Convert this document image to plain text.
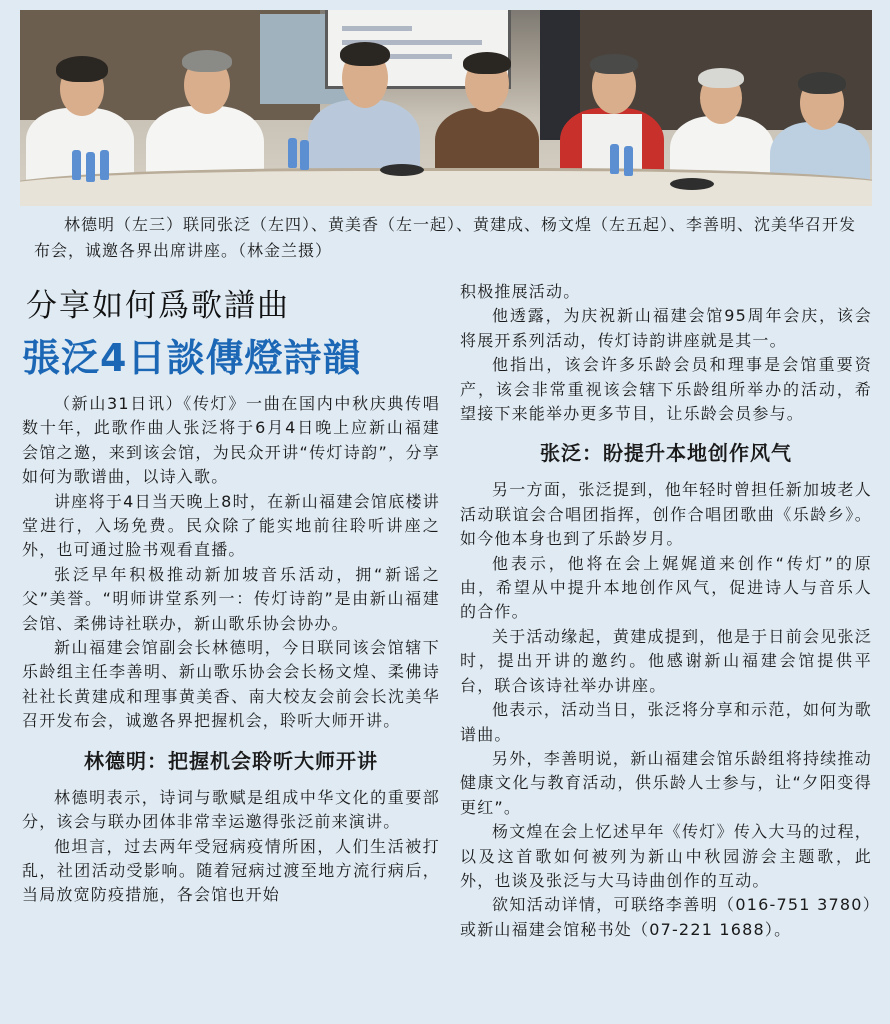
林德明（左三）联同张泛（左四）、黄美香（左一起）、黄建成、杨文煌（左五起）、李善明、沈美华召开发布会，诚邀各界出席讲座。（林金兰摄）

分享如何爲歌譜曲
張泛4日談傳燈詩韻

（新山31日讯）《传灯》一曲在国内中秋庆典传唱数十年，此歌作曲人张泛将于6月4日晚上应新山福建会馆之邀，来到该会馆，为民众开讲“传灯诗韵”，分享如何为歌谱曲，以诗入歌。

讲座将于4日当天晚上8时，在新山福建会馆底楼讲堂进行，入场免费。民众除了能实地前往聆听讲座之外，也可通过脸书观看直播。

张泛早年积极推动新加坡音乐活动，拥“新谣之父”美誉。“明师讲堂系列一：传灯诗韵”是由新山福建会馆、柔佛诗社联办，新山歌乐协会协办。

新山福建会馆副会长林德明，今日联同该会馆辖下乐龄组主任李善明、新山歌乐协会会长杨文煌、柔佛诗社社长黄建成和理事黄美香、南大校友会前会长沈美华召开发布会，诚邀各界把握机会，聆听大师开讲。

林德明：把握机会聆听大师开讲

林德明表示，诗词与歌赋是组成中华文化的重要部分，该会与联办团体非常幸运邀得张泛前来演讲。

他坦言，过去两年受冠病疫情所困，人们生活被打乱，社团活动受影响。随着冠病过渡至地方流行病后，当局放宽防疫措施，各会馆也开始

积极推展活动。

他透露，为庆祝新山福建会馆95周年会庆，该会将展开系列活动，传灯诗韵讲座就是其一。

他指出，该会许多乐龄会员和理事是会馆重要资产，该会非常重视该会辖下乐龄组所举办的活动，希望接下来能举办更多节目，让乐龄会员参与。

张泛：盼提升本地创作风气

另一方面，张泛提到，他年轻时曾担任新加坡老人活动联谊会合唱团指挥，创作合唱团歌曲《乐龄乡》。如今他本身也到了乐龄岁月。

他表示，他将在会上娓娓道来创作“传灯”的原由，希望从中提升本地创作风气，促进诗人与音乐人的合作。

关于活动缘起，黄建成提到，他是于日前会见张泛时，提出开讲的邀约。他感谢新山福建会馆提供平台，联合该诗社举办讲座。

他表示，活动当日，张泛将分享和示范，如何为歌谱曲。

另外，李善明说，新山福建会馆乐龄组将持续推动健康文化与教育活动，供乐龄人士参与，让“夕阳变得更红”。

杨文煌在会上忆述早年《传灯》传入大马的过程，以及这首歌如何被列为新山中秋园游会主题歌，此外，也谈及张泛与大马诗曲创作的互动。

欲知活动详情，可联络李善明（016-751 3780）或新山福建会馆秘书处（07-221 1688）。
